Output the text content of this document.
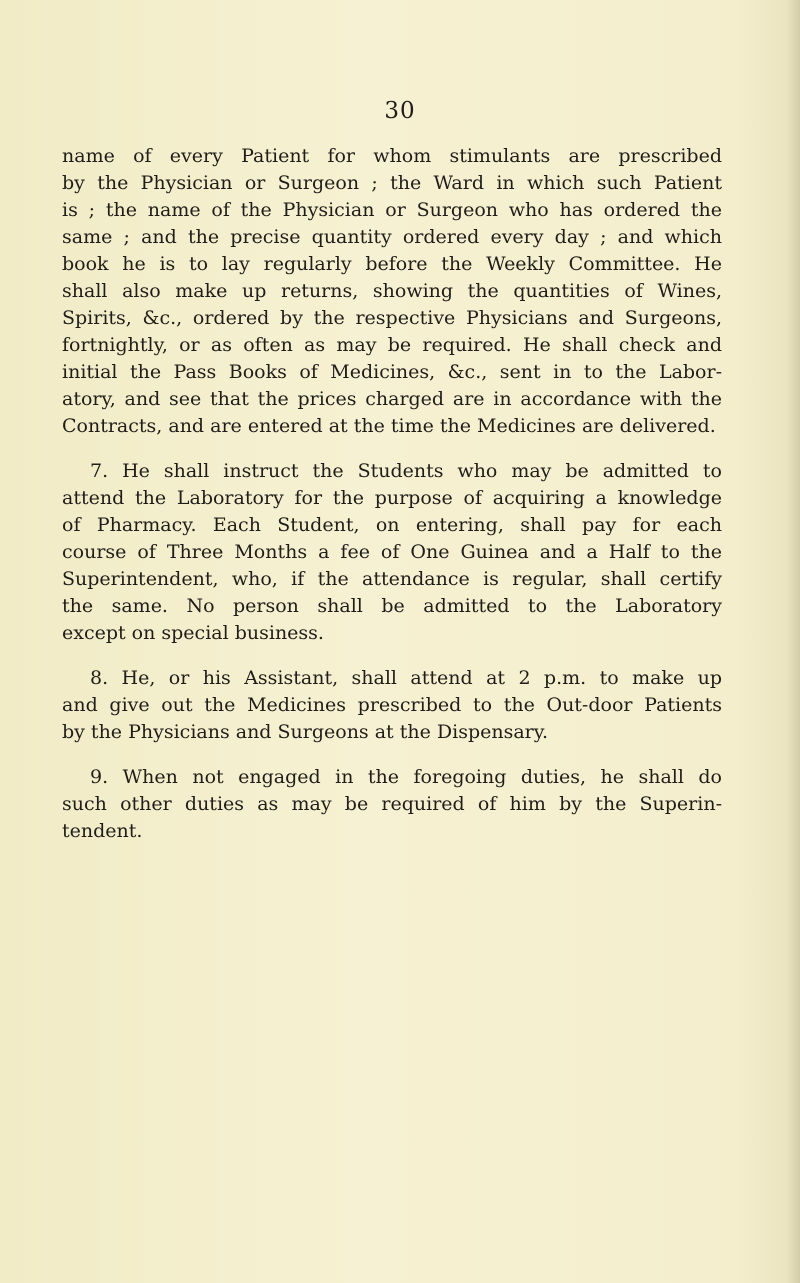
30
name of every Patient for whom stimulants are prescribed
by the Physician or Surgeon ; the Ward in which such Patient
is ; the name of the Physician or Surgeon who has ordered the
same ; and the precise quantity ordered every day ; and which
book he is to lay regularly before the Weekly Committee. He
shall also make up returns, showing the quantities of Wines,
Spirits, &c., ordered by the respective Physicians and Surgeons,
fortnightly, or as often as may be required. He shall check and
initial the Pass Books of Medicines, &c., sent in to the Labor-
atory, and see that the prices charged are in accordance with the
Contracts, and are entered at the time the Medicines are delivered.
7. He shall instruct the Students who may be admitted to
attend the Laboratory for the purpose of acquiring a knowledge
of Pharmacy. Each Student, on entering, shall pay for each
course of Three Months a fee of One Guinea and a Half to the
Superintendent, who, if the attendance is regular, shall certify
the same. No person shall be admitted to the Laboratory
except on special business.
8. He, or his Assistant, shall attend at 2 p.m. to make up
and give out the Medicines prescribed to the Out-door Patients
by the Physicians and Surgeons at the Dispensary.
9. When not engaged in the foregoing duties, he shall do
such other duties as may be required of him by the Superin-
tendent.
